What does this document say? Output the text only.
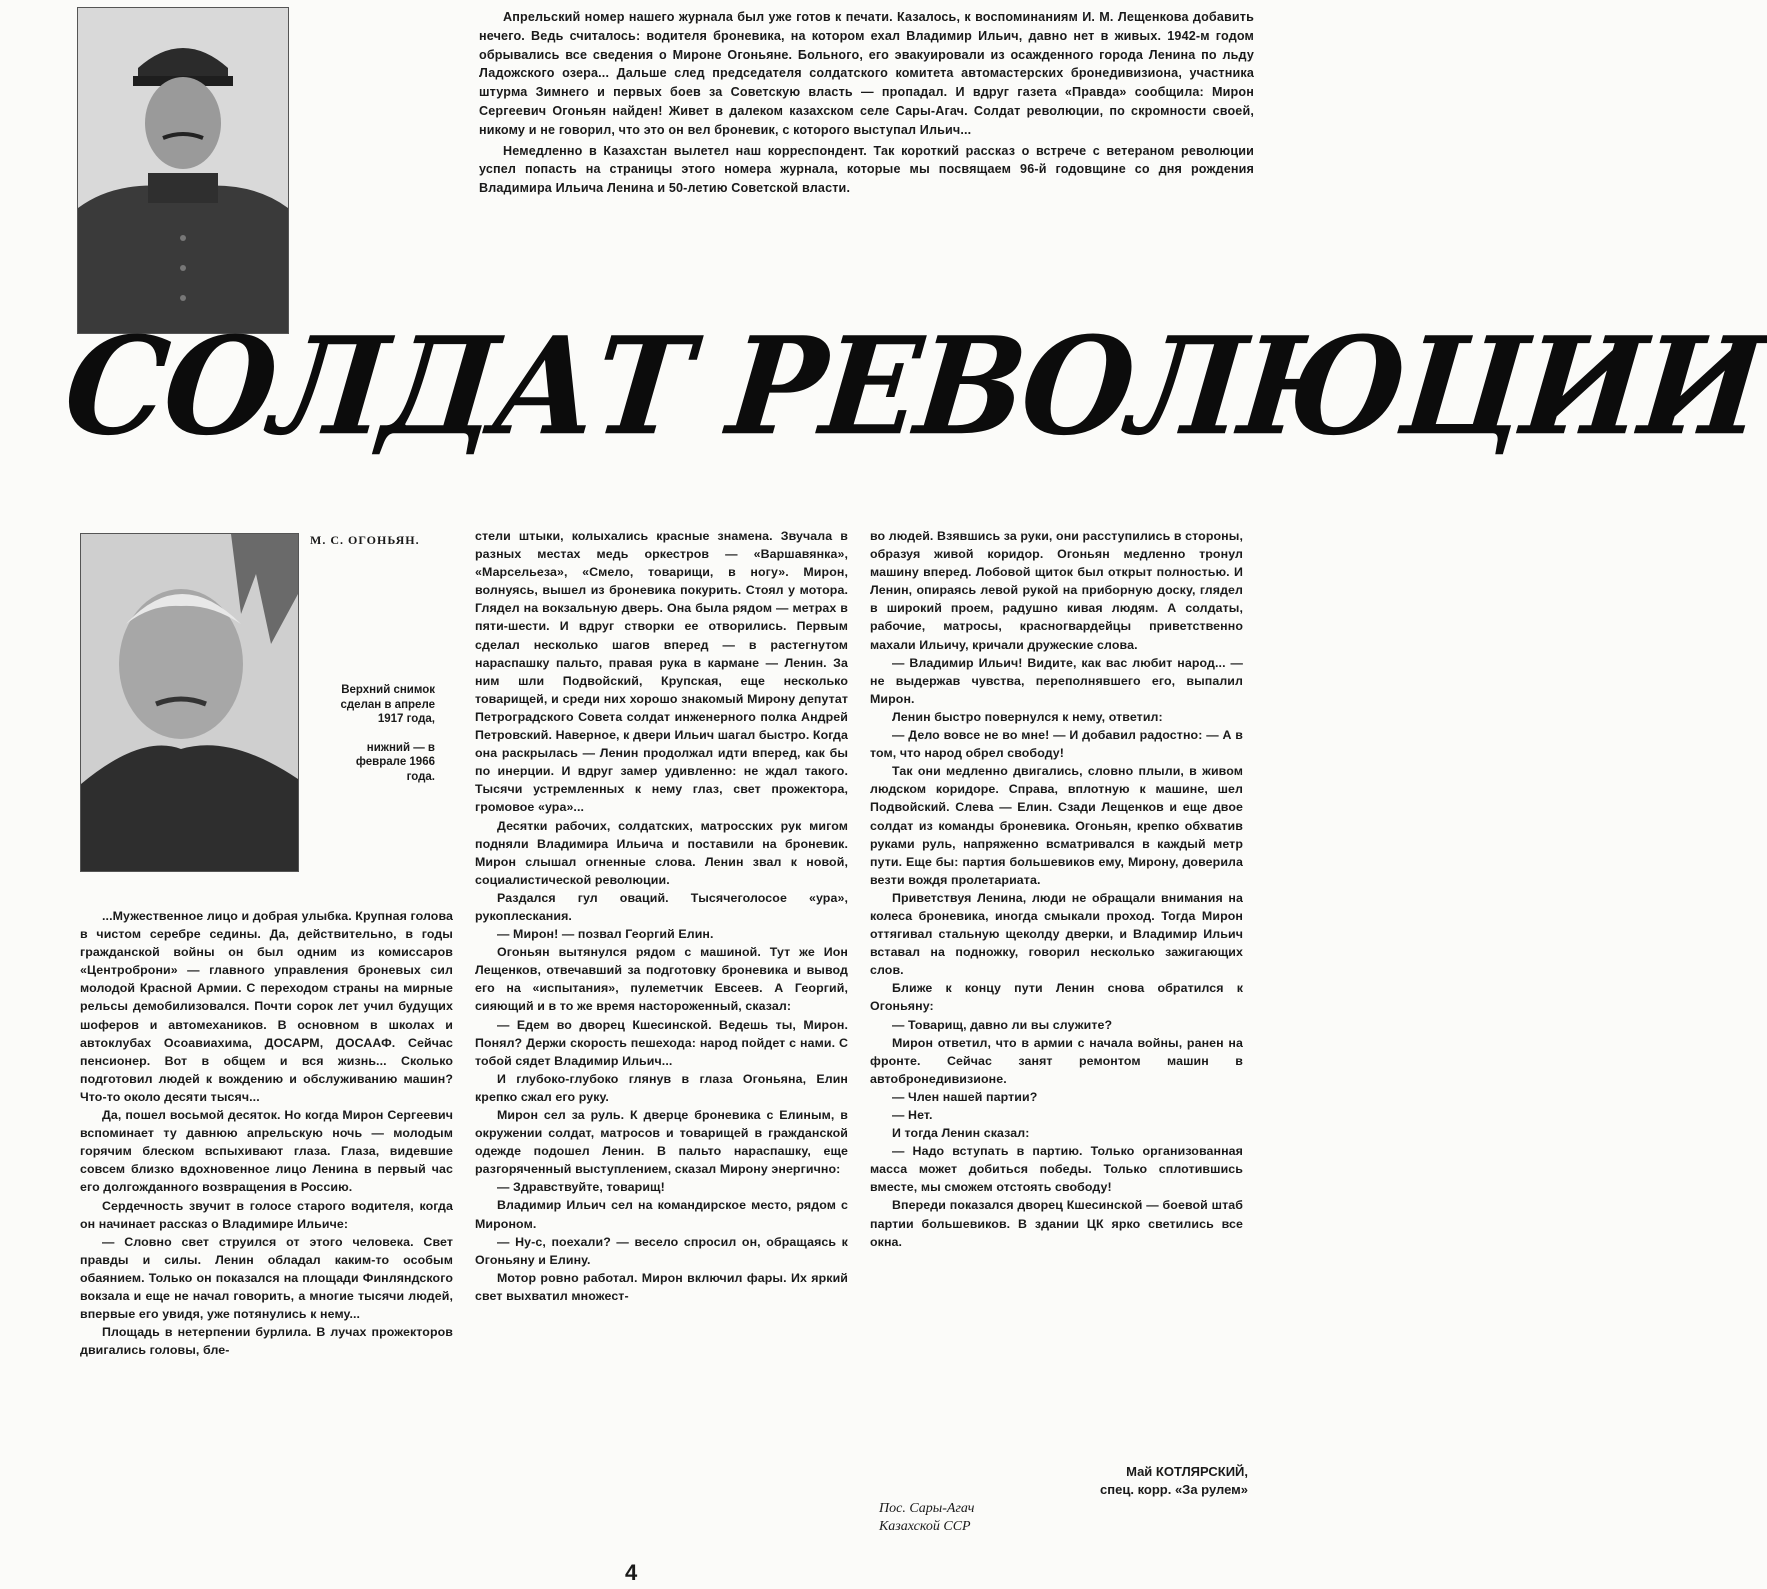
Апрельский номер нашего журнала был уже готов к печати. Казалось, к воспоминаниям И. М. Лещенкова добавить нечего. Ведь считалось: водителя броневика, на котором ехал Владимир Ильич, давно нет в живых. 1942-м годом обрывались все сведения о Мироне Огоньяне. Больного, его эвакуировали из осажденного города Ленина по льду Ладожского озера... Дальше след председателя солдатского комитета автомастерских бронедивизиона, участника штурма Зимнего и первых боев за Советскую власть — пропадал. И вдруг газета «Правда» сообщила: Мирон Сергеевич Огоньян найден! Живет в далеком казахском селе Сары-Агач. Солдат революции, по скромности своей, никому и не говорил, что это он вел броневик, с которого выступал Ильич...

Немедленно в Казахстан вылетел наш корреспондент. Так короткий рассказ о встрече с ветераном революции успел попасть на страницы этого номера журнала, которые мы посвящаем 96-й годовщине со дня рождения Владимира Ильича Ленина и 50-летию Советской власти.

СОЛДАТ РЕВОЛЮЦИИ
М. С. ОГОНЬЯН.
Верхний снимок сделан в апреле 1917 года,
нижний — в феврале 1966 года.

...Мужественное лицо и добрая улыбка. Крупная голова в чистом серебре седины. Да, действительно, в годы гражданской войны он был одним из комиссаров «Центроброни» — главного управления броневых сил молодой Красной Армии. С переходом страны на мирные рельсы демобилизовался. Почти сорок лет учил будущих шоферов и автомехаников. В основном в школах и автоклубах Осоавиахима, ДОСАРМ, ДОСААФ. Сейчас пенсионер. Вот в общем и вся жизнь... Сколько подготовил людей к вождению и обслуживанию машин? Что-то около десяти тысяч...

Да, пошел восьмой десяток. Но когда Мирон Сергеевич вспоминает ту давнюю апрельскую ночь — молодым горячим блеском вспыхивают глаза. Глаза, видевшие совсем близко вдохновенное лицо Ленина в первый час его долгожданного возвращения в Россию.

Сердечность звучит в голосе старого водителя, когда он начинает рассказ о Владимире Ильиче:

— Словно свет струился от этого человека. Свет правды и силы. Ленин обладал каким-то особым обаянием. Только он показался на площади Финляндского вокзала и еще не начал говорить, а многие тысячи людей, впервые его увидя, уже потянулись к нему...

Площадь в нетерпении бурлила. В лучах прожекторов двигались головы, бле-

стели штыки, колыхались красные знамена. Звучала в разных местах медь оркестров — «Варшавянка», «Марсельеза», «Смело, товарищи, в ногу». Мирон, волнуясь, вышел из броневика покурить. Стоял у мотора. Глядел на вокзальную дверь. Она была рядом — метрах в пяти-шести. И вдруг створки ее отворились. Первым сделал несколько шагов вперед — в растегнутом нараспашку пальто, правая рука в кармане — Ленин. За ним шли Подвойский, Крупская, еще несколько товарищей, и среди них хорошо знакомый Мирону депутат Петроградского Совета солдат инженерного полка Андрей Петровский. Наверное, к двери Ильич шагал быстро. Когда она раскрылась — Ленин продолжал идти вперед, как бы по инерции. И вдруг замер удивленно: не ждал такого. Тысячи устремленных к нему глаз, свет прожектора, громовое «ура»...

Десятки рабочих, солдатских, матросских рук мигом подняли Владимира Ильича и поставили на броневик. Мирон слышал огненные слова. Ленин звал к новой, социалистической революции.

Раздался гул оваций. Тысячеголосое «ура», рукоплескания.

— Мирон! — позвал Георгий Елин.

Огоньян вытянулся рядом с машиной. Тут же Ион Лещенков, отвечавший за подготовку броневика и вывод его на «испытания», пулеметчик Евсеев. А Георгий, сияющий и в то же время настороженный, сказал:

— Едем во дворец Кшесинской. Ведешь ты, Мирон. Понял? Держи скорость пешехода: народ пойдет с нами. С тобой сядет Владимир Ильич...

И глубоко-глубоко глянув в глаза Огоньяна, Елин крепко сжал его руку.

Мирон сел за руль. К дверце броневика с Елиным, в окружении солдат, матросов и товарищей в гражданской одежде подошел Ленин. В пальто нараспашку, еще разгоряченный выступлением, сказал Мирону энергично:

— Здравствуйте, товарищ!

Владимир Ильич сел на командирское место, рядом с Мироном.

— Ну-с, поехали? — весело спросил он, обращаясь к Огоньяну и Елину.

Мотор ровно работал. Мирон включил фары. Их яркий свет выхватил множест-

во людей. Взявшись за руки, они расступились в стороны, образуя живой коридор. Огоньян медленно тронул машину вперед. Лобовой щиток был открыт полностью. И Ленин, опираясь левой рукой на приборную доску, глядел в широкий проем, радушно кивая людям. А солдаты, рабочие, матросы, красногвардейцы приветственно махали Ильичу, кричали дружеские слова.

— Владимир Ильич! Видите, как вас любит народ... — не выдержав чувства, переполнявшего его, выпалил Мирон.

Ленин быстро повернулся к нему, ответил:

— Дело вовсе не во мне! — И добавил радостно: — А в том, что народ обрел свободу!

Так они медленно двигались, словно плыли, в живом людском коридоре. Справа, вплотную к машине, шел Подвойский. Слева — Елин. Сзади Лещенков и еще двое солдат из команды броневика. Огоньян, крепко обхватив руками руль, напряженно всматривался в каждый метр пути. Еще бы: партия большевиков ему, Мирону, доверила везти вождя пролетариата.

Приветствуя Ленина, люди не обращали внимания на колеса броневика, иногда смыкали проход. Тогда Мирон оттягивал стальную щеколду дверки, и Владимир Ильич вставал на подножку, говорил несколько зажигающих слов.

Ближе к концу пути Ленин снова обратился к Огоньяну:

— Товарищ, давно ли вы служите?

Мирон ответил, что в армии с начала войны, ранен на фронте. Сейчас занят ремонтом машин в автобронедивизионе.

— Член нашей партии?

— Нет.

И тогда Ленин сказал:

— Надо вступать в партию. Только организованная масса может добиться победы. Только сплотившись вместе, мы сможем отстоять свободу!

Впереди показался дворец Кшесинской — боевой штаб партии большевиков. В здании ЦК ярко светились все окна.

Май КОТЛЯРСКИЙ,
спец. корр. «За рулем»
Пос. Сары-Агач
Казахской ССР
4
